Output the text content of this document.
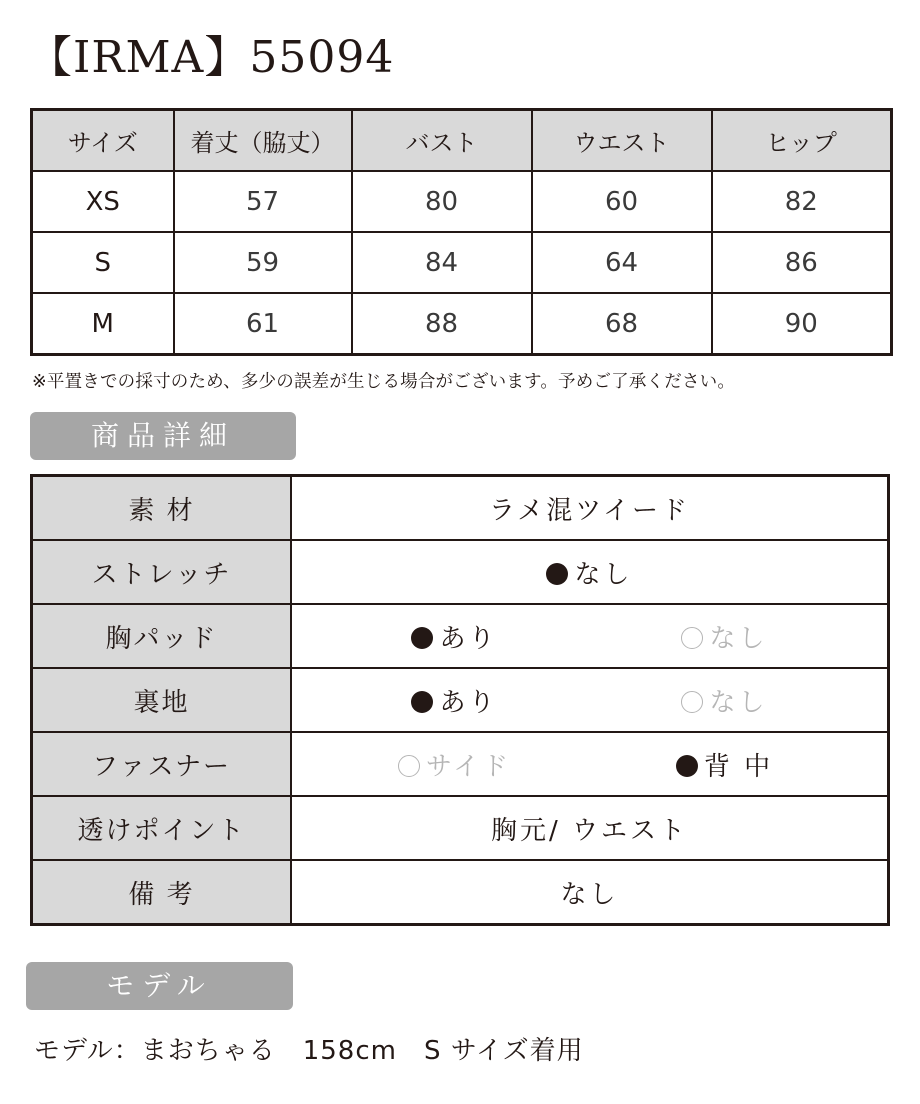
【IRMA】55094
サイズ	着丈（脇丈）	バスト	ウエスト	ヒップ
XS	57	80	60	82
S	59	84	64	86
M	61	88	68	90
※平置きでの採寸のため、多少の誤差が生じる場合がございます。予めご了承ください。
商品詳細
素 材	ラメ混ツイード
ストレッチ	なし
胸パッド	あり なし
裏地	あり なし
ファスナー	サイド 背 中
透けポイント	胸元/ ウエスト
備 考	なし
モデル
モデル：まおちゃる　158cm　S サイズ着用
